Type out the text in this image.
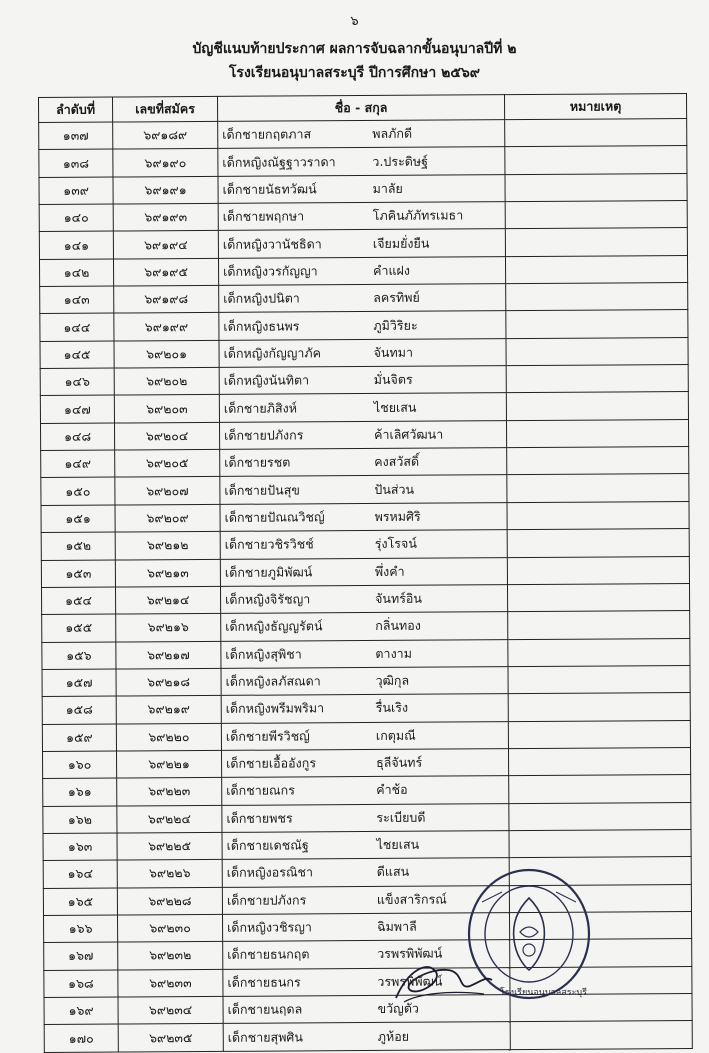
๖
บัญชีแนบท้ายประกาศ ผลการจับฉลากขั้นอนุบาลปีที่ ๒
โรงเรียนอนุบาลสระบุรี ปีการศึกษา ๒๕๖๙
ลำดับที่	เลขที่สมัคร	ชื่อ - สกุล	หมายเหตุ
๑๓๗	๖๙๑๘๙	เด็กชายกฤตภาส พลภักดี	
๑๓๘	๖๙๑๙๐	เด็กหญิงณัฐฐาวราดา ว.ประดิษฐ์	
๑๓๙	๖๙๑๙๑	เด็กชายนัธทวัฒน์ มาลัย	
๑๔๐	๖๙๑๙๓	เด็กชายพฤกษา โภคินภัภัทรเมธา	
๑๔๑	๖๙๑๙๔	เด็กหญิงวานัชธิดา เจียมยั่งยืน	
๑๔๒	๖๙๑๙๕	เด็กหญิงวรกัญญา คำแฝง	
๑๔๓	๖๙๑๙๘	เด็กหญิงปนิตา ลครทิพย์	
๑๔๔	๖๙๑๙๙	เด็กหญิงธนพร ภูมิวิริยะ	
๑๔๕	๖๙๒๐๑	เด็กหญิงกัญญาภัค จันทมา	
๑๔๖	๖๙๒๐๒	เด็กหญิงนันทิตา มั่นจิตร	
๑๔๗	๖๙๒๐๓	เด็กชายภิสิงห์ ไชยเสน	
๑๔๘	๖๙๒๐๔	เด็กชายปภังกร ค้าเลิศวัฒนา	
๑๔๙	๖๙๒๐๕	เด็กชายรชต คงสวัสดิ์	
๑๕๐	๖๙๒๐๗	เด็กชายปันสุข ปันส่วน	
๑๕๑	๖๙๒๐๙	เด็กชายปัณณวิชญ์ พรหมศิริ	
๑๕๒	๖๙๒๑๒	เด็กชายวชิรวิชช์ รุ่งโรจน์	
๑๕๓	๖๙๒๑๓	เด็กชายภูมิพัฒน์ พึ่งคำ	
๑๕๔	๖๙๒๑๔	เด็กหญิงจิรัชญา จันทร์อิน	
๑๕๕	๖๙๒๑๖	เด็กหญิงธัญญรัตน์ กลิ่นทอง	
๑๕๖	๖๙๒๑๗	เด็กหญิงสุพิชา ตางาม	
๑๕๗	๖๙๒๑๘	เด็กหญิงลภัสณดา วุฒิกุล	
๑๕๘	๖๙๒๑๙	เด็กหญิงพรีมพริมา รื่นเริง	
๑๕๙	๖๙๒๒๐	เด็กชายพีรวิชญ์ เกตุมณี	
๑๖๐	๖๙๒๒๑	เด็กชายเอื้ออังกูร ธุลีจันทร์	
๑๖๑	๖๙๒๒๓	เด็กชายณกร คำช้อ	
๑๖๒	๖๙๒๒๔	เด็กชายพชร ระเบียบดี	
๑๖๓	๖๙๒๒๕	เด็กชายเดชณัฐ ไชยเสน	
๑๖๔	๖๙๒๒๖	เด็กหญิงอรณิชา ดีแสน	
๑๖๕	๖๙๒๒๘	เด็กชายปภังกร แข็งสาริกรณ์	
๑๖๖	๖๙๒๓๐	เด็กหญิงวชิรญา ฉิมพาลี	
๑๖๗	๖๙๒๓๒	เด็กชายธนกฤต วรพรพิพัฒน์	
๑๖๘	๖๙๒๓๓	เด็กชายธนกร วรพรพิพัฒน์	
๑๖๙	๖๙๒๓๔	เด็กชายนฤดล ขวัญตัว	
๑๗๐	๖๙๒๓๕	เด็กชายสุพศิน ภูห้อย	
โรงเรียนอนุบาลสระบุรี
